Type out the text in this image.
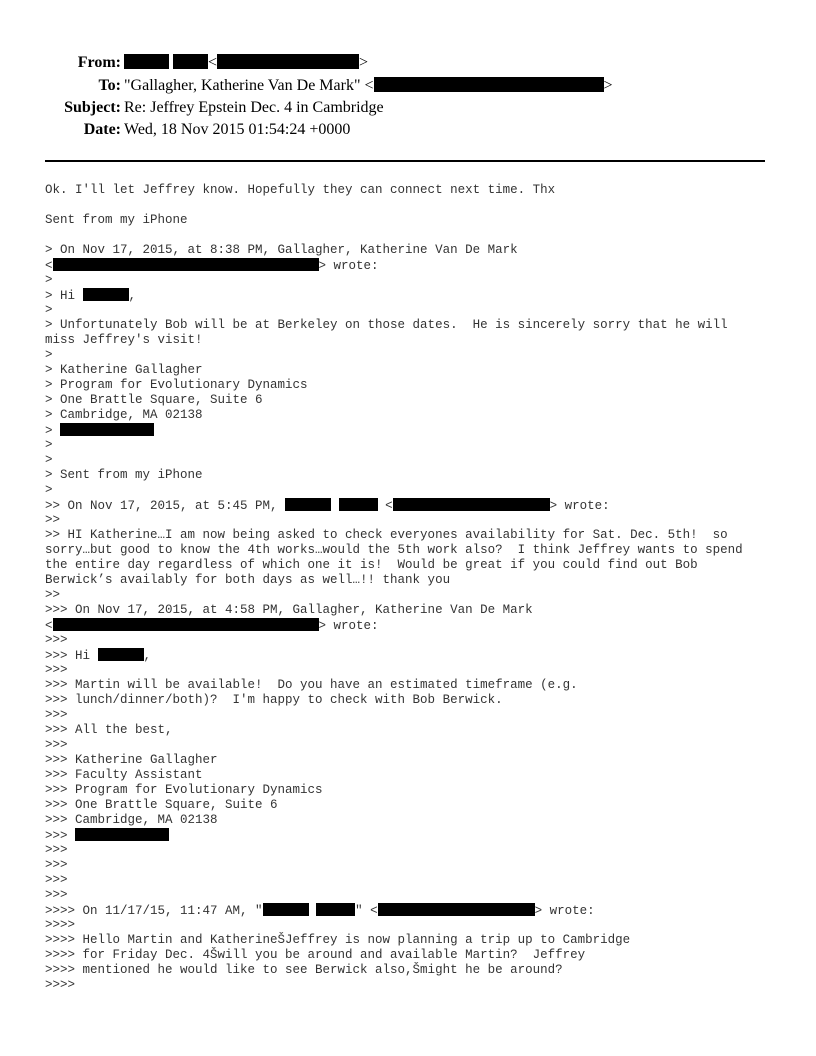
From:	<	>
To: "Gallagher, Katherine Van De Mark" <	>
Subject: Re: Jeffrey Epstein Dec. 4 in Cambridge
Date: Wed, 18 Nov 2015 01:54:24 +0000
Ok. I'll let Jeffrey know. Hopefully they can connect next time. Thx
Sent from my iPhone
> On Nov 17, 2015, at 8:38 PM, Gallagher, Katherine Van De Mark
<	> wrote:
>
> Hi	,
>
> Unfortunately Bob will be at Berkeley on those dates.  He is sincerely sorry that he will
miss Jeffrey's visit!
>
> Katherine Gallagher
> Program for Evolutionary Dynamics
> One Brattle Square, Suite 6
> Cambridge, MA 02138
>
>
>
> Sent from my iPhone
>
>> On Nov 17, 2015, at 5:45 PM,	<	> wrote:
>>
>> HI Katherine…I am now being asked to check everyones availability for Sat. Dec. 5th!  so
sorry…but good to know the 4th works…would the 5th work also?  I think Jeffrey wants to spend
the entire day regardless of which one it is!  Would be great if you could find out Bob
Berwick’s availably for both days as well…!! thank you
>>
>>> On Nov 17, 2015, at 4:58 PM, Gallagher, Katherine Van De Mark
<	> wrote:
>>>
>>> Hi	,
>>>
>>> Martin will be available!  Do you have an estimated timeframe (e.g.
>>> lunch/dinner/both)?  I'm happy to check with Bob Berwick.
>>>
>>> All the best,
>>>
>>> Katherine Gallagher
>>> Faculty Assistant
>>> Program for Evolutionary Dynamics
>>> One Brattle Square, Suite 6
>>> Cambridge, MA 02138
>>>
>>>
>>>
>>>
>>>
>>>> On 11/17/15, 11:47 AM, "	" <	> wrote:
>>>>
>>>> Hello Martin and KatherineŠJeffrey is now planning a trip up to Cambridge
>>>> for Friday Dec. 4Šwill you be around and available Martin?  Jeffrey
>>>> mentioned he would like to see Berwick also,Šmight he be around?
>>>>
